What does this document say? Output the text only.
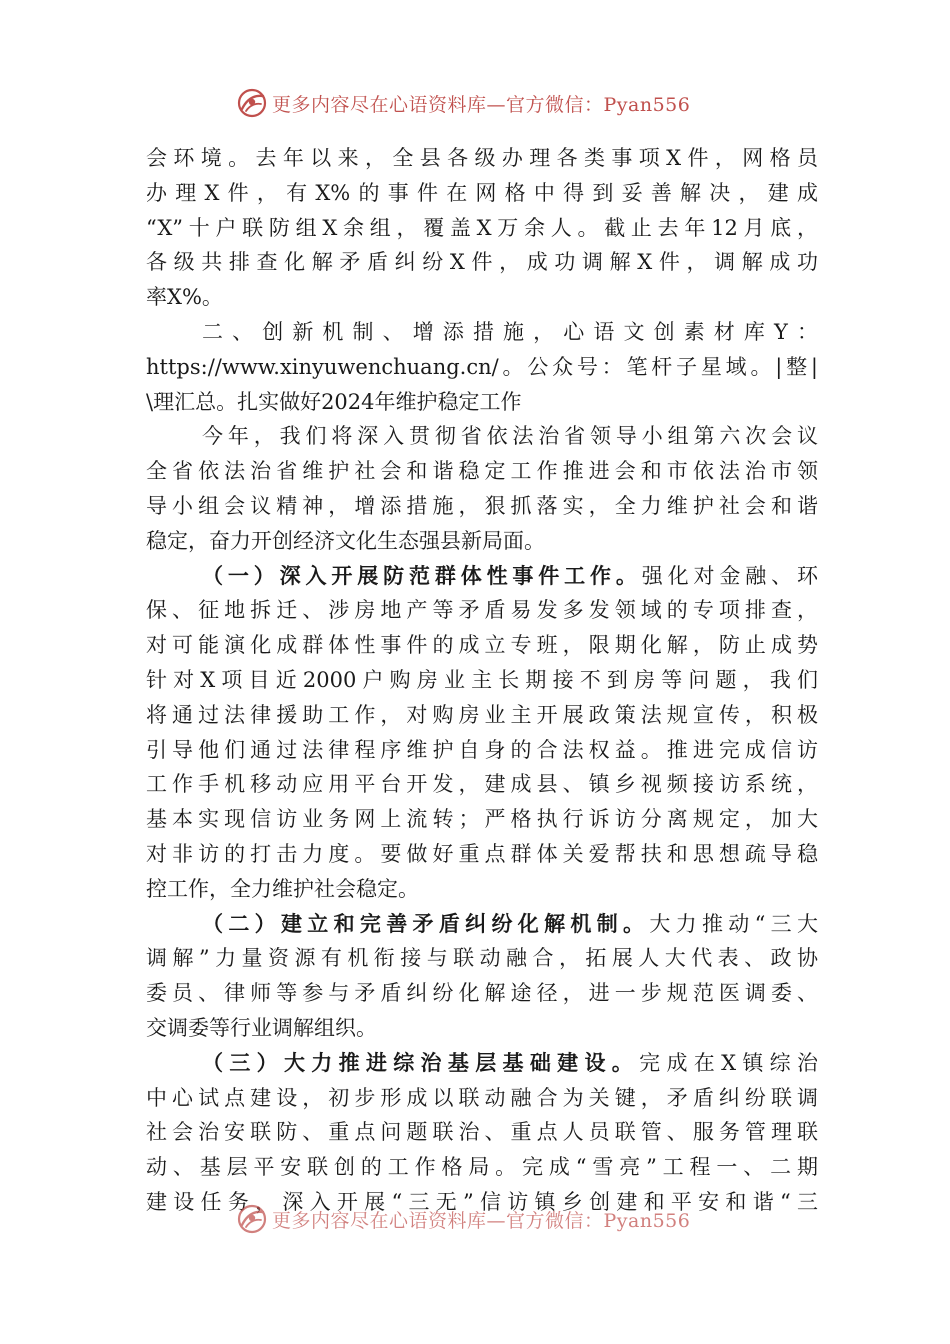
更多内容尽在心语资料库—官方微信：Pyan556
会环境。去年以来，全县各级办理各类事项X件，网格员
办理X件，有X%的事件在网格中得到妥善解决，建成
“X”十户联防组X余组，覆盖X万余人。截止去年12月底，
各级共排查化解矛盾纠纷X件，成功调解X件，调解成功
率X%。
二、创新机制、增添措施，心语文创素材库Y：
https://www.xinyuwenchuang.cn/。公众号：笔杆子星域。|整|
\理汇总。扎实做好2024年维护稳定工作
今年，我们将深入贯彻省依法治省领导小组第六次会议
全省依法治省维护社会和谐稳定工作推进会和市依法治市领
导小组会议精神，增添措施，狠抓落实，全力维护社会和谐
稳定，奋力开创经济文化生态强县新局面。
（一）深入开展防范群体性事件工作。强化对金融、环
保、征地拆迁、涉房地产等矛盾易发多发领域的专项排查，
对可能演化成群体性事件的成立专班，限期化解，防止成势
针对X项目近2000户购房业主长期接不到房等问题，我们
将通过法律援助工作，对购房业主开展政策法规宣传，积极
引导他们通过法律程序维护自身的合法权益。推进完成信访
工作手机移动应用平台开发，建成县、镇乡视频接访系统，
基本实现信访业务网上流转；严格执行诉访分离规定，加大
对非访的打击力度。要做好重点群体关爱帮扶和思想疏导稳
控工作，全力维护社会稳定。
（二）建立和完善矛盾纠纷化解机制。大力推动“三大
调解”力量资源有机衔接与联动融合，拓展人大代表、政协
委员、律师等参与矛盾纠纷化解途径，进一步规范医调委、
交调委等行业调解组织。
（三）大力推进综治基层基础建设。完成在X镇综治
中心试点建设，初步形成以联动融合为关键，矛盾纠纷联调
社会治安联防、重点问题联治、重点人员联管、服务管理联
动、基层平安联创的工作格局。完成“雪亮”工程一、二期
建设任务，深入开展“三无”信访镇乡创建和平安和谐“三
更多内容尽在心语资料库—官方微信：Pyan556
